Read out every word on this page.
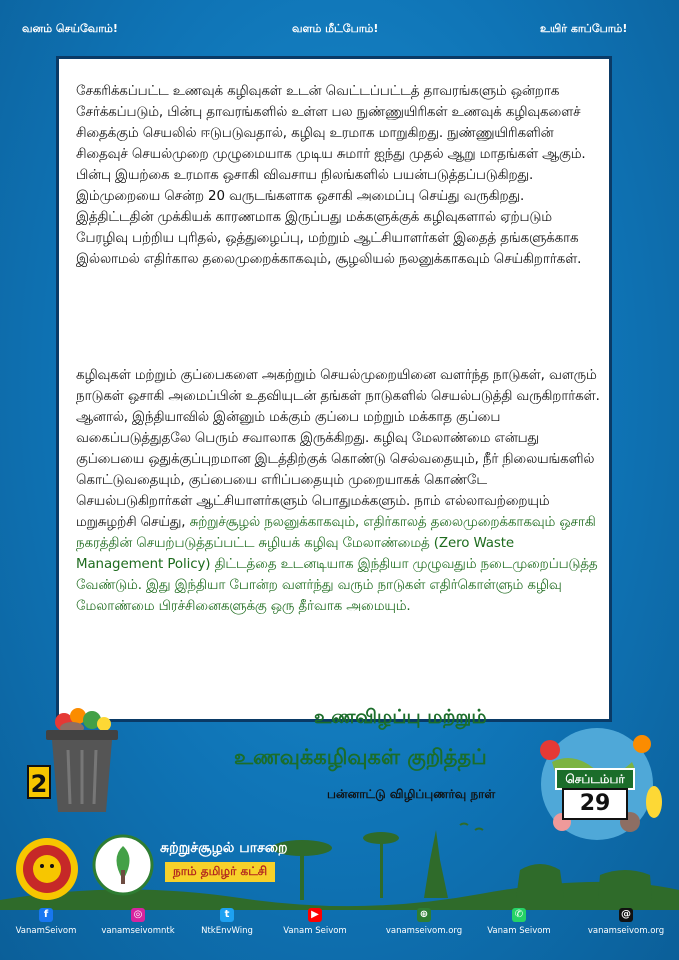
வனம் செய்வோம்!	வளம் மீட்போம்!	உயிர் காப்போம்!

சேகரிக்கப்பட்ட உணவுக் கழிவுகள் உடன் வெட்டப்பட்டத் தாவரங்களும் ஒன்றாக சேர்க்கப்படும், பின்பு தாவரங்களில் உள்ள பல நுண்ணுயிரிகள் உணவுக் கழிவுகளைச் சிதைக்கும் செயலில் ஈடுபடுவதால், கழிவு உரமாக மாறுகிறது. நுண்ணுயிரிகளின் சிதைவுச் செயல்முறை முழுமையாக முடிய சுமார் ஐந்து முதல் ஆறு மாதங்கள் ஆகும். பின்பு இயற்கை உரமாக ஒசாகி விவசாய நிலங்களில் பயன்படுத்தப்படுகிறது. இம்முறையை சென்ற 20 வருடங்களாக ஒசாகி அமைப்பு செய்து வருகிறது. இத்திட்டதின் முக்கியக் காரணமாக இருப்பது மக்களுக்குக் கழிவுகளால் ஏற்படும் பேரழிவு பற்றிய புரிதல், ஒத்துழைப்பு, மற்றும் ஆட்சியாளர்கள் இதைத் தங்களுக்காக இல்லாமல் எதிர்கால தலைமுறைக்காகவும், சூழலியல் நலனுக்காகவும் செய்கிறார்கள்.

கழிவுகள் மற்றும் குப்பைகளை அகற்றும் செயல்முறையினை வளர்ந்த நாடுகள், வளரும் நாடுகள் ஒசாகி அமைப்பின் உதவியுடன் தங்கள் நாடுகளில் செயல்படுத்தி வருகிறார்கள். ஆனால், இந்தியாவில் இன்னும் மக்கும் குப்பை மற்றும் மக்காத குப்பை வகைப்படுத்துதலே பெரும் சவாலாக இருக்கிறது. கழிவு மேலாண்மை என்பது குப்பையை ஒதுக்குப்புறமான இடத்திற்குக் கொண்டு செல்வதையும், நீர் நிலையங்களில் கொட்டுவதையும், குப்பையை எரிப்பதையும் முறையாகக் கொண்டே செயல்படுகிறார்கள் ஆட்சியாளர்களும் பொதுமக்களும். நாம் எல்லாவற்றையும் மறுசுழற்சி செய்து, சுற்றுச்சூழல் நலனுக்காகவும், எதிர்காலத் தலைமுறைக்காகவும் ஒசாகி நகரத்தின் செயற்படுத்தப்பட்ட சுழியக் கழிவு மேலாண்மைத் (Zero Waste Management Policy) திட்டத்தை உடனடியாக இந்தியா முழுவதும் நடைமுறைப்படுத்த வேண்டும். இது இந்தியா போன்ற வளர்ந்து வரும் நாடுகள் எதிர்கொள்ளும் கழிவு மேலாண்மை பிரச்சினைகளுக்கு ஒரு தீர்வாக அமையும்.

2
உணவிழப்பு மற்றும்
உணவுக்கழிவுகள் குறித்தப்
பன்னாட்டு விழிப்புணர்வு நாள்
செப்டம்பர்
29
சுற்றுச்சூழல் பாசறை
நாம் தமிழர் கட்சி
f
VanamSeivom
◎
vanamseivomntk
t
NtkEnvWing
▶
Vanam Seivom
⊕
vanamseivom.org
✆
Vanam Seivom
@
vanamseivom.org
